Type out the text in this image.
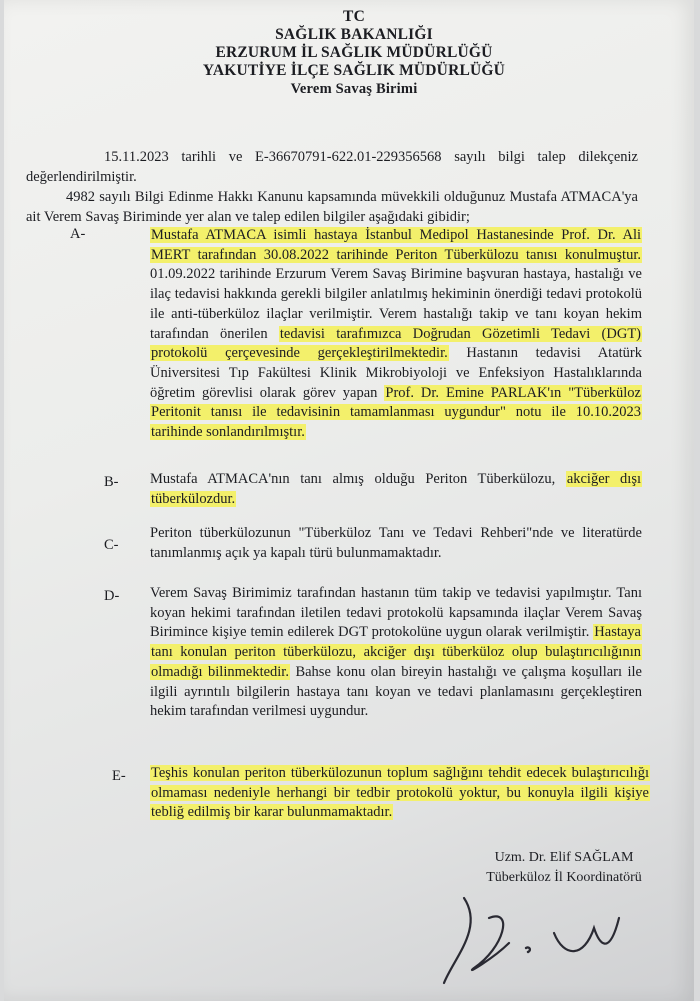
TC
SAĞLIK BAKANLIĞI
ERZURUM İL SAĞLIK MÜDÜRLÜĞÜ
YAKUTİYE İLÇE SAĞLIK MÜDÜRLÜĞÜ
Verem Savaş Birimi

15.11.2023 tarihli ve E-36670791-622.01-229356568 sayılı bilgi talep dilekçeniz değerlendirilmiştir.

4982 sayılı Bilgi Edinme Hakkı Kanunu kapsamında müvekkili olduğunuz Mustafa ATMACA'ya ait Verem Savaş Biriminde yer alan ve talep edilen bilgiler aşağıdaki gibidir;

A-	Mustafa ATMACA isimli hastaya İstanbul Medipol Hastanesinde Prof. Dr. Ali MERT tarafından 30.08.2022 tarihinde Periton Tüberkülozu tanısı konulmuştur. 01.09.2022 tarihinde Erzurum Verem Savaş Birimine başvuran hastaya, hastalığı ve ilaç tedavisi hakkında gerekli bilgiler anlatılmış hekiminin önerdiği tedavi protokolü ile anti-tüberküloz ilaçlar verilmiştir. Verem hastalığı takip ve tanı koyan hekim tarafından önerilen tedavisi tarafımızca Doğrudan Gözetimli Tedavi (DGT) protokolü çerçevesinde gerçekleştirilmektedir. Hastanın tedavisi Atatürk Üniversitesi Tıp Fakültesi Klinik Mikrobiyoloji ve Enfeksiyon Hastalıklarında öğretim görevlisi olarak görev yapan Prof. Dr. Emine PARLAK'ın "Tüberküloz Peritonit tanısı ile tedavisinin tamamlanması uygundur" notu ile 10.10.2023 tarihinde sonlandırılmıştır.

B- Mustafa ATMACA'nın tanı almış olduğu Periton Tüberkülozu, akciğer dışı tüberkülozdur.

C-

Periton tüberkülozunun "Tüberküloz Tanı ve Tedavi Rehberi"nde ve literatürde tanımlanmış açık ya kapalı türü bulunmamaktadır.

D- Verem Savaş Birimimiz tarafından hastanın tüm takip ve tedavisi yapılmıştır. Tanı koyan hekimi tarafından iletilen tedavi protokolü kapsamında ilaçlar Verem Savaş Birimince kişiye temin edilerek DGT protokolüne uygun olarak verilmiştir. Hastaya tanı konulan periton tüberkülozu, akciğer dışı tüberküloz olup bulaştırıcılığının olmadığı bilinmektedir. Bahse konu olan bireyin hastalığı ve çalışma koşulları ile ilgili ayrıntılı bilgilerin hastaya tanı koyan ve tedavi planlamasını gerçekleştiren hekim tarafından verilmesi uygundur.

E- Teşhis konulan periton tüberkülozunun toplum sağlığını tehdit edecek bulaştırıcılığı olmaması nedeniyle herhangi bir tedbir protokolü yoktur, bu konuyla ilgili kişiye tebliğ edilmiş bir karar bulunmamaktadır.

Uzm. Dr. Elif SAĞLAM
Tüberküloz İl Koordinatörü
